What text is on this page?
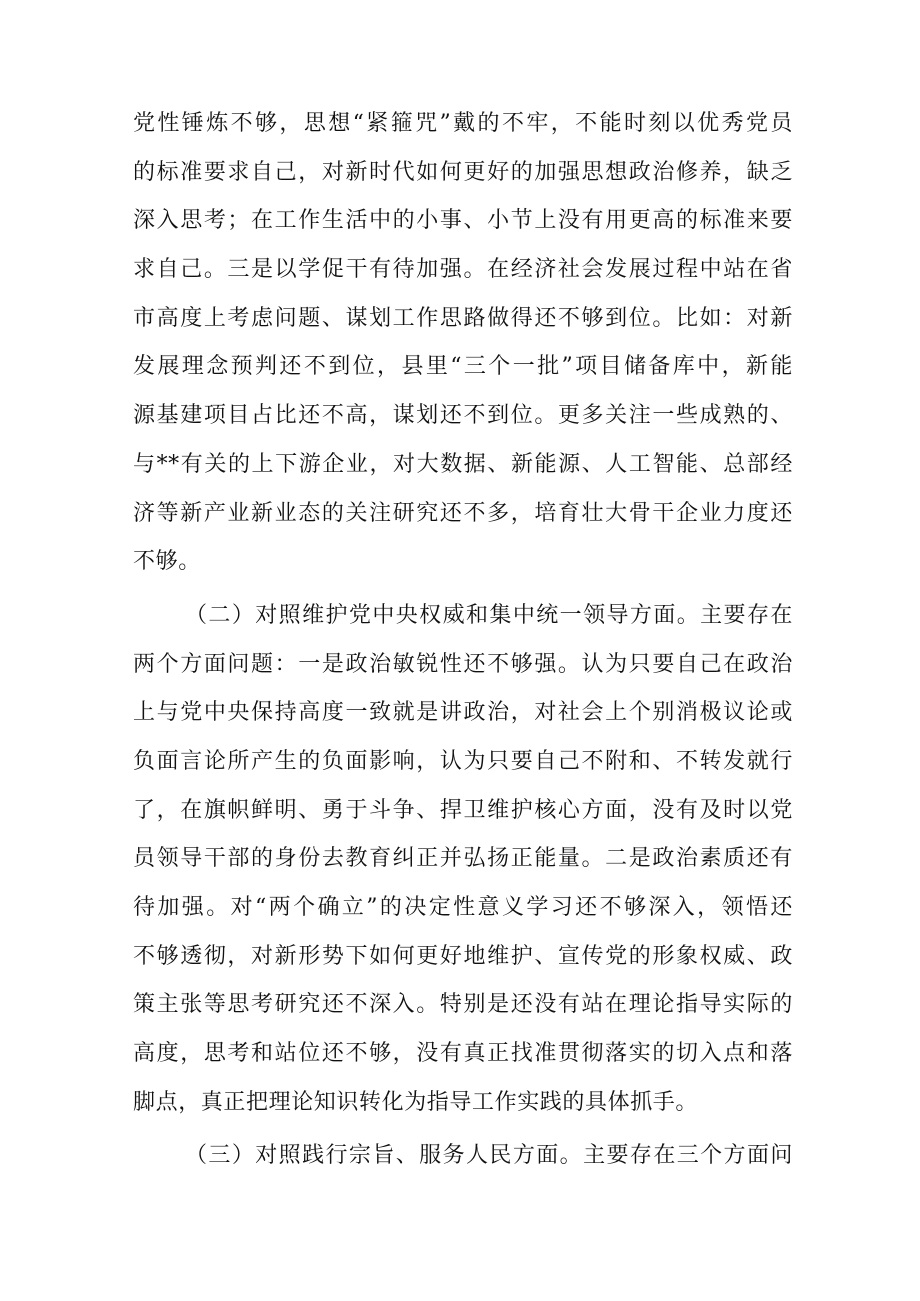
党性锤炼不够，思想“紧箍咒”戴的不牢，不能时刻以优秀党员
的标准要求自己，对新时代如何更好的加强思想政治修养，缺乏
深入思考；在工作生活中的小事、小节上没有用更高的标准来要
求自己。三是以学促干有待加强。在经济社会发展过程中站在省
市高度上考虑问题、谋划工作思路做得还不够到位。比如：对新
发展理念预判还不到位，县里“三个一批”项目储备库中，新能
源基建项目占比还不高，谋划还不到位。更多关注一些成熟的、
与**有关的上下游企业，对大数据、新能源、人工智能、总部经
济等新产业新业态的关注研究还不多，培育壮大骨干企业力度还
不够。
（二）对照维护党中央权威和集中统一领导方面。主要存在
两个方面问题：一是政治敏锐性还不够强。认为只要自己在政治
上与党中央保持高度一致就是讲政治，对社会上个别消极议论或
负面言论所产生的负面影响，认为只要自己不附和、不转发就行
了，在旗帜鲜明、勇于斗争、捍卫维护核心方面，没有及时以党
员领导干部的身份去教育纠正并弘扬正能量。二是政治素质还有
待加强。对“两个确立”的决定性意义学习还不够深入，领悟还
不够透彻，对新形势下如何更好地维护、宣传党的形象权威、政
策主张等思考研究还不深入。特别是还没有站在理论指导实际的
高度，思考和站位还不够，没有真正找准贯彻落实的切入点和落
脚点，真正把理论知识转化为指导工作实践的具体抓手。
（三）对照践行宗旨、服务人民方面。主要存在三个方面问
